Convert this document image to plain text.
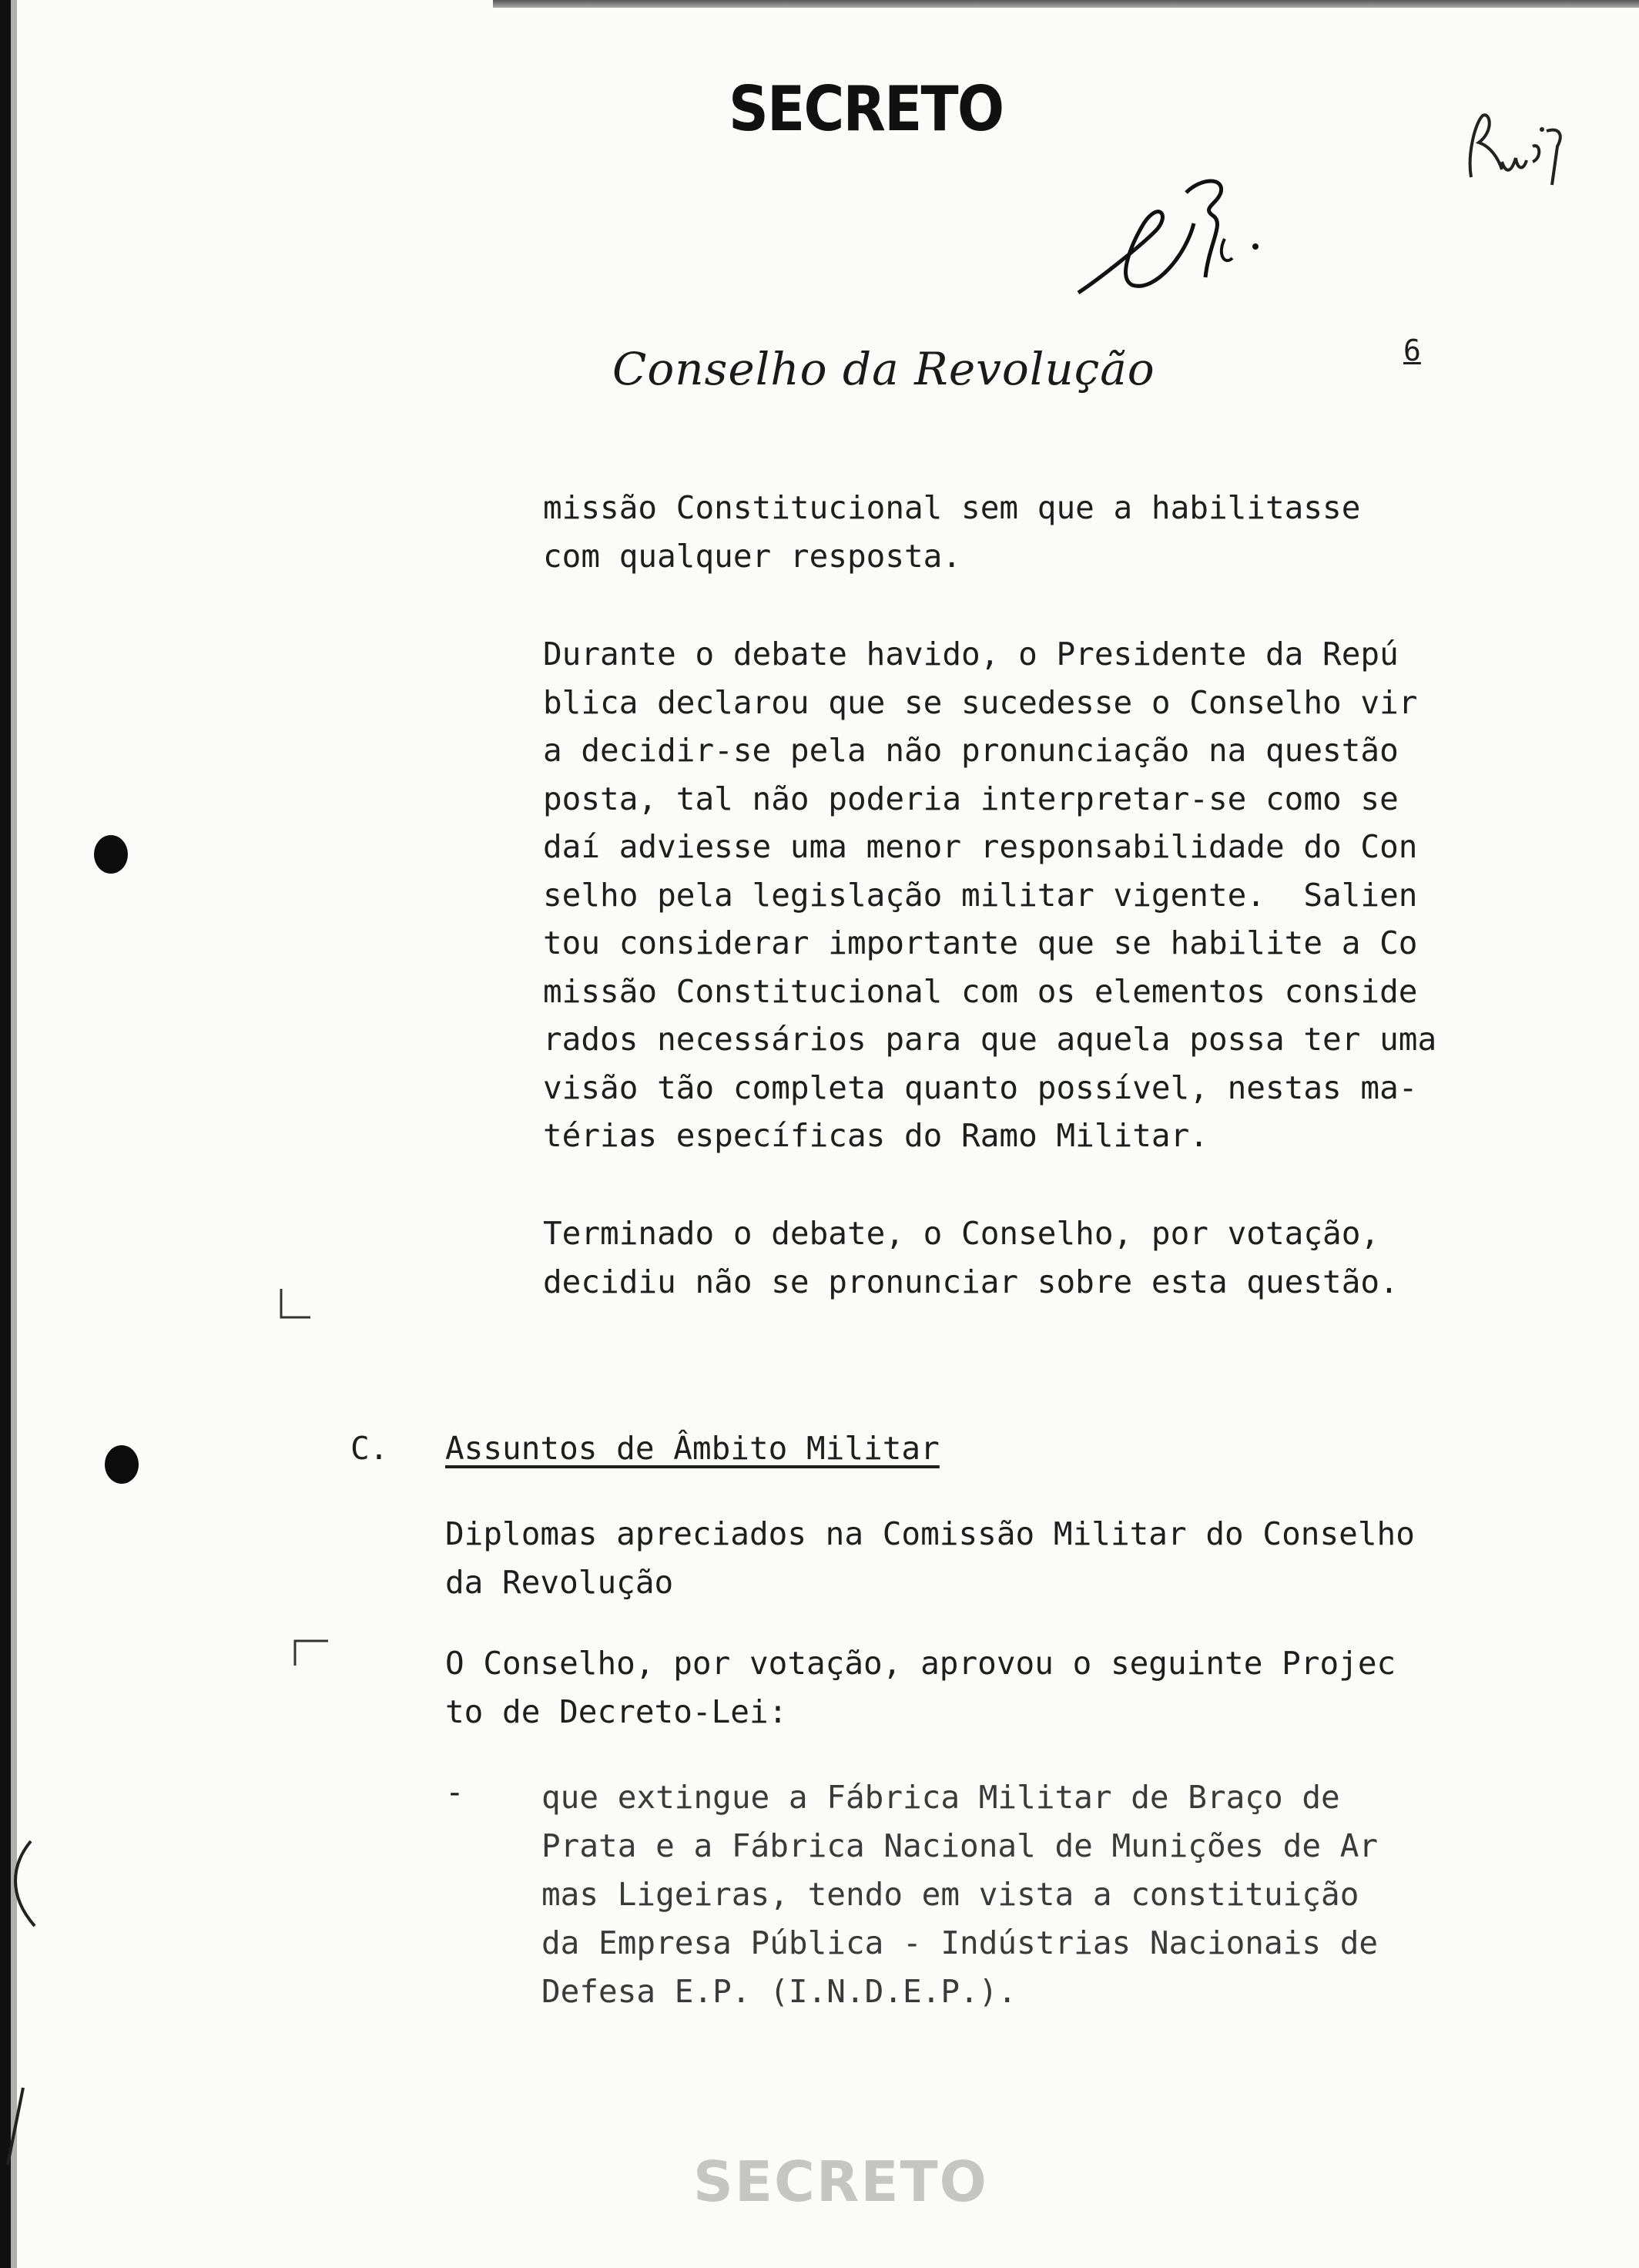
SECRETO
Conselho da Revolução	6
missão Constitucional sem que a habilitasse
com qualquer resposta.
Durante o debate havido, o Presidente da Repú
blica declarou que se sucedesse o Conselho vir
a decidir-se pela não pronunciação na questão
posta, tal não poderia interpretar-se como se
daí adviesse uma menor responsabilidade do Con
selho pela legislação militar vigente.  Salien
tou considerar importante que se habilite a Co
missão Constitucional com os elementos conside
rados necessários para que aquela possa ter uma
visão tão completa quanto possível, nestas ma-
térias específicas do Ramo Militar.
Terminado o debate, o Conselho, por votação,
decidiu não se pronunciar sobre esta questão.
C. Assuntos de Âmbito Militar
Diplomas apreciados na Comissão Militar do Conselho
da Revolução
O Conselho, por votação, aprovou o seguinte Projec
to de Decreto-Lei:
- que extingue a Fábrica Militar de Braço de
Prata e a Fábrica Nacional de Munições de Ar
mas Ligeiras, tendo em vista a constituição
da Empresa Pública - Indústrias Nacionais de
Defesa E.P. (I.N.D.E.P.).
SECRETO
